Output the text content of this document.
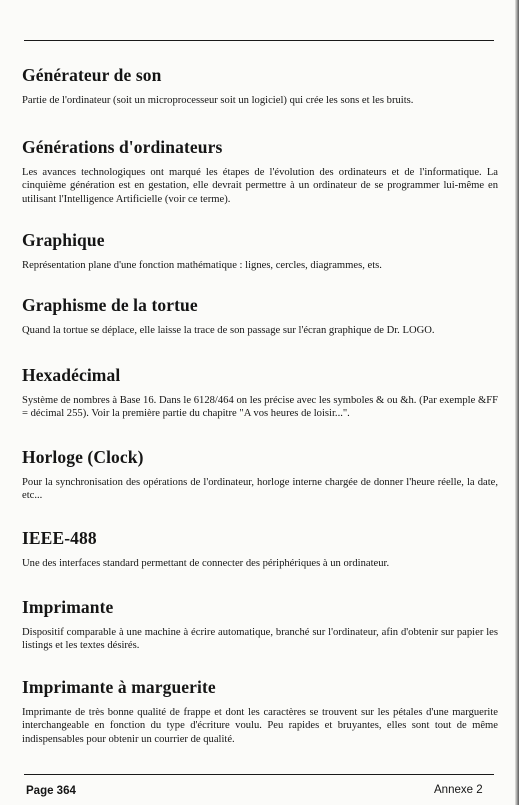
Générateur de son

Partie de l'ordinateur (soit un microprocesseur soit un logiciel) qui crée les sons et les bruits.

Générations d'ordinateurs

Les avances technologiques ont marqué les étapes de l'évolution des ordinateurs et de l'informatique. La cinquième génération est en gestation, elle devrait permettre à un ordinateur de se programmer lui-même en utilisant l'Intelligence Artificielle (voir ce terme).

Graphique

Représentation plane d'une fonction mathématique : lignes, cercles, diagrammes, ets.

Graphisme de la tortue

Quand la tortue se déplace, elle laisse la trace de son passage sur l'écran graphique de Dr. LOGO.

Hexadécimal

Système de nombres à Base 16. Dans le 6128/464 on les précise avec les symboles & ou &h. (Par exemple &FF = décimal 255). Voir la première partie du chapitre "A vos heures de loisir...".

Horloge (Clock)

Pour la synchronisation des opérations de l'ordinateur, horloge interne chargée de donner l'heure réelle, la date, etc...

IEEE-488

Une des interfaces standard permettant de connecter des périphériques à un ordinateur.

Imprimante

Dispositif comparable à une machine à écrire automatique, branché sur l'ordinateur, afin d'obtenir sur papier les listings et les textes désirés.

Imprimante à marguerite

Imprimante de très bonne qualité de frappe et dont les caractères se trouvent sur les pétales d'une marguerite interchangeable en fonction du type d'écriture voulu. Peu rapides et bruyantes, elles sont tout de même indispensables pour obtenir un courrier de qualité.

Page 364	Annexe 2
